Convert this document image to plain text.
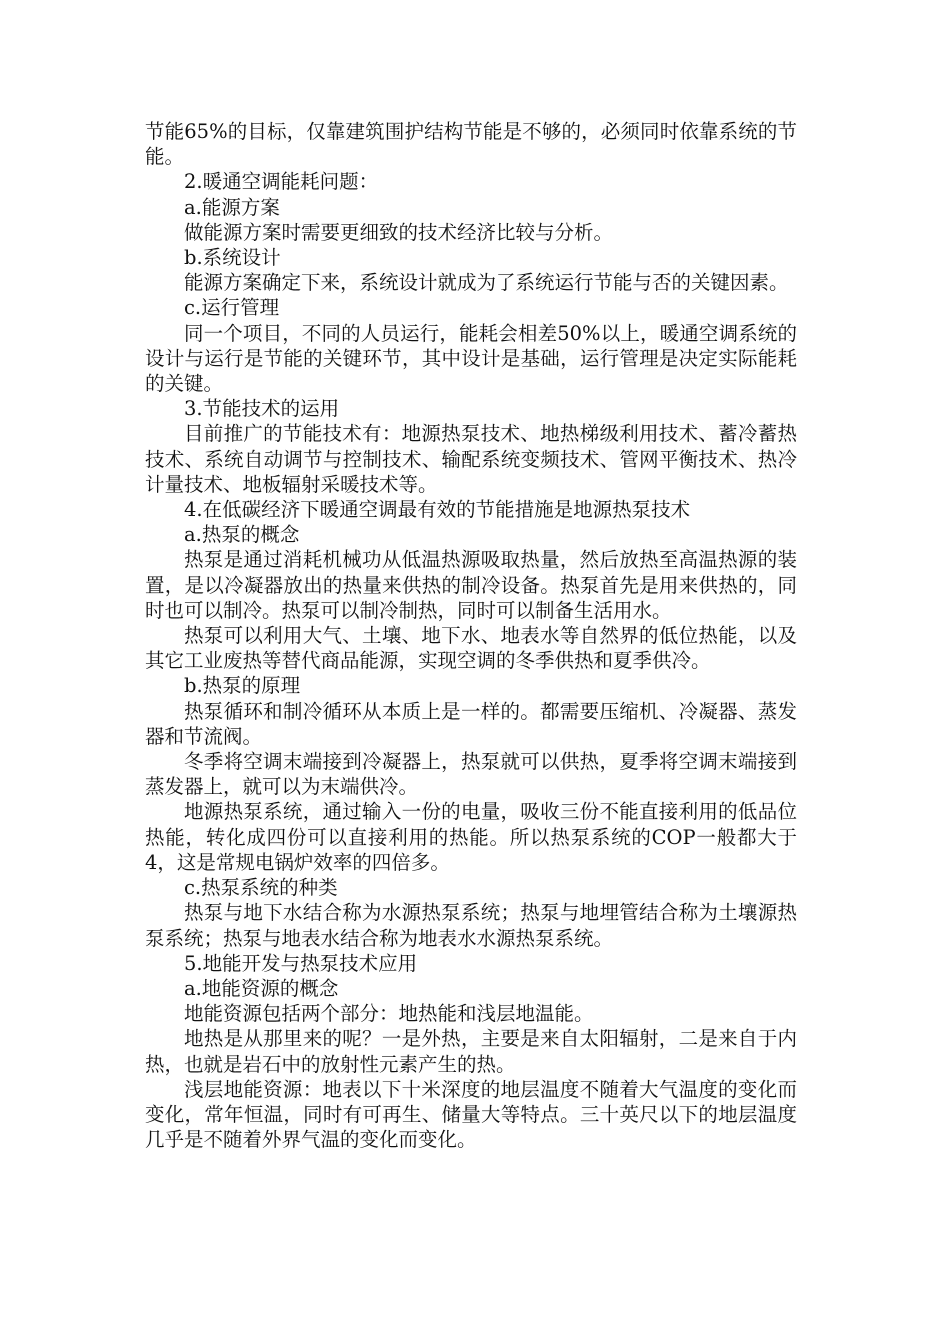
节能65%的目标，仅靠建筑围护结构节能是不够的，必须同时依靠系统的节能。

2.暖通空调能耗问题：

a.能源方案

做能源方案时需要更细致的技术经济比较与分析。

b.系统设计

能源方案确定下来，系统设计就成为了系统运行节能与否的关键因素。

c.运行管理

同一个项目，不同的人员运行，能耗会相差50%以上，暖通空调系统的设计与运行是节能的关键环节，其中设计是基础，运行管理是决定实际能耗的关键。

3.节能技术的运用

目前推广的节能技术有：地源热泵技术、地热梯级利用技术、蓄冷蓄热技术、系统自动调节与控制技术、输配系统变频技术、管网平衡技术、热冷计量技术、地板辐射采暖技术等。

4.在低碳经济下暖通空调最有效的节能措施是地源热泵技术

a.热泵的概念

热泵是通过消耗机械功从低温热源吸取热量，然后放热至高温热源的装置，是以冷凝器放出的热量来供热的制冷设备。热泵首先是用来供热的，同时也可以制冷。热泵可以制冷制热，同时可以制备生活用水。

热泵可以利用大气、土壤、地下水、地表水等自然界的低位热能，以及其它工业废热等替代商品能源，实现空调的冬季供热和夏季供冷。

b.热泵的原理

热泵循环和制冷循环从本质上是一样的。都需要压缩机、冷凝器、蒸发器和节流阀。

冬季将空调末端接到冷凝器上，热泵就可以供热，夏季将空调末端接到蒸发器上，就可以为末端供冷。

地源热泵系统，通过输入一份的电量，吸收三份不能直接利用的低品位热能，转化成四份可以直接利用的热能。所以热泵系统的COP一般都大于4，这是常规电锅炉效率的四倍多。

c.热泵系统的种类

热泵与地下水结合称为水源热泵系统；热泵与地埋管结合称为土壤源热泵系统；热泵与地表水结合称为地表水水源热泵系统。

5.地能开发与热泵技术应用

a.地能资源的概念

地能资源包括两个部分：地热能和浅层地温能。

地热是从那里来的呢？一是外热，主要是来自太阳辐射，二是来自于内热，也就是岩石中的放射性元素产生的热。

浅层地能资源：地表以下十米深度的地层温度不随着大气温度的变化而变化，常年恒温，同时有可再生、储量大等特点。三十英尺以下的地层温度几乎是不随着外界气温的变化而变化。
